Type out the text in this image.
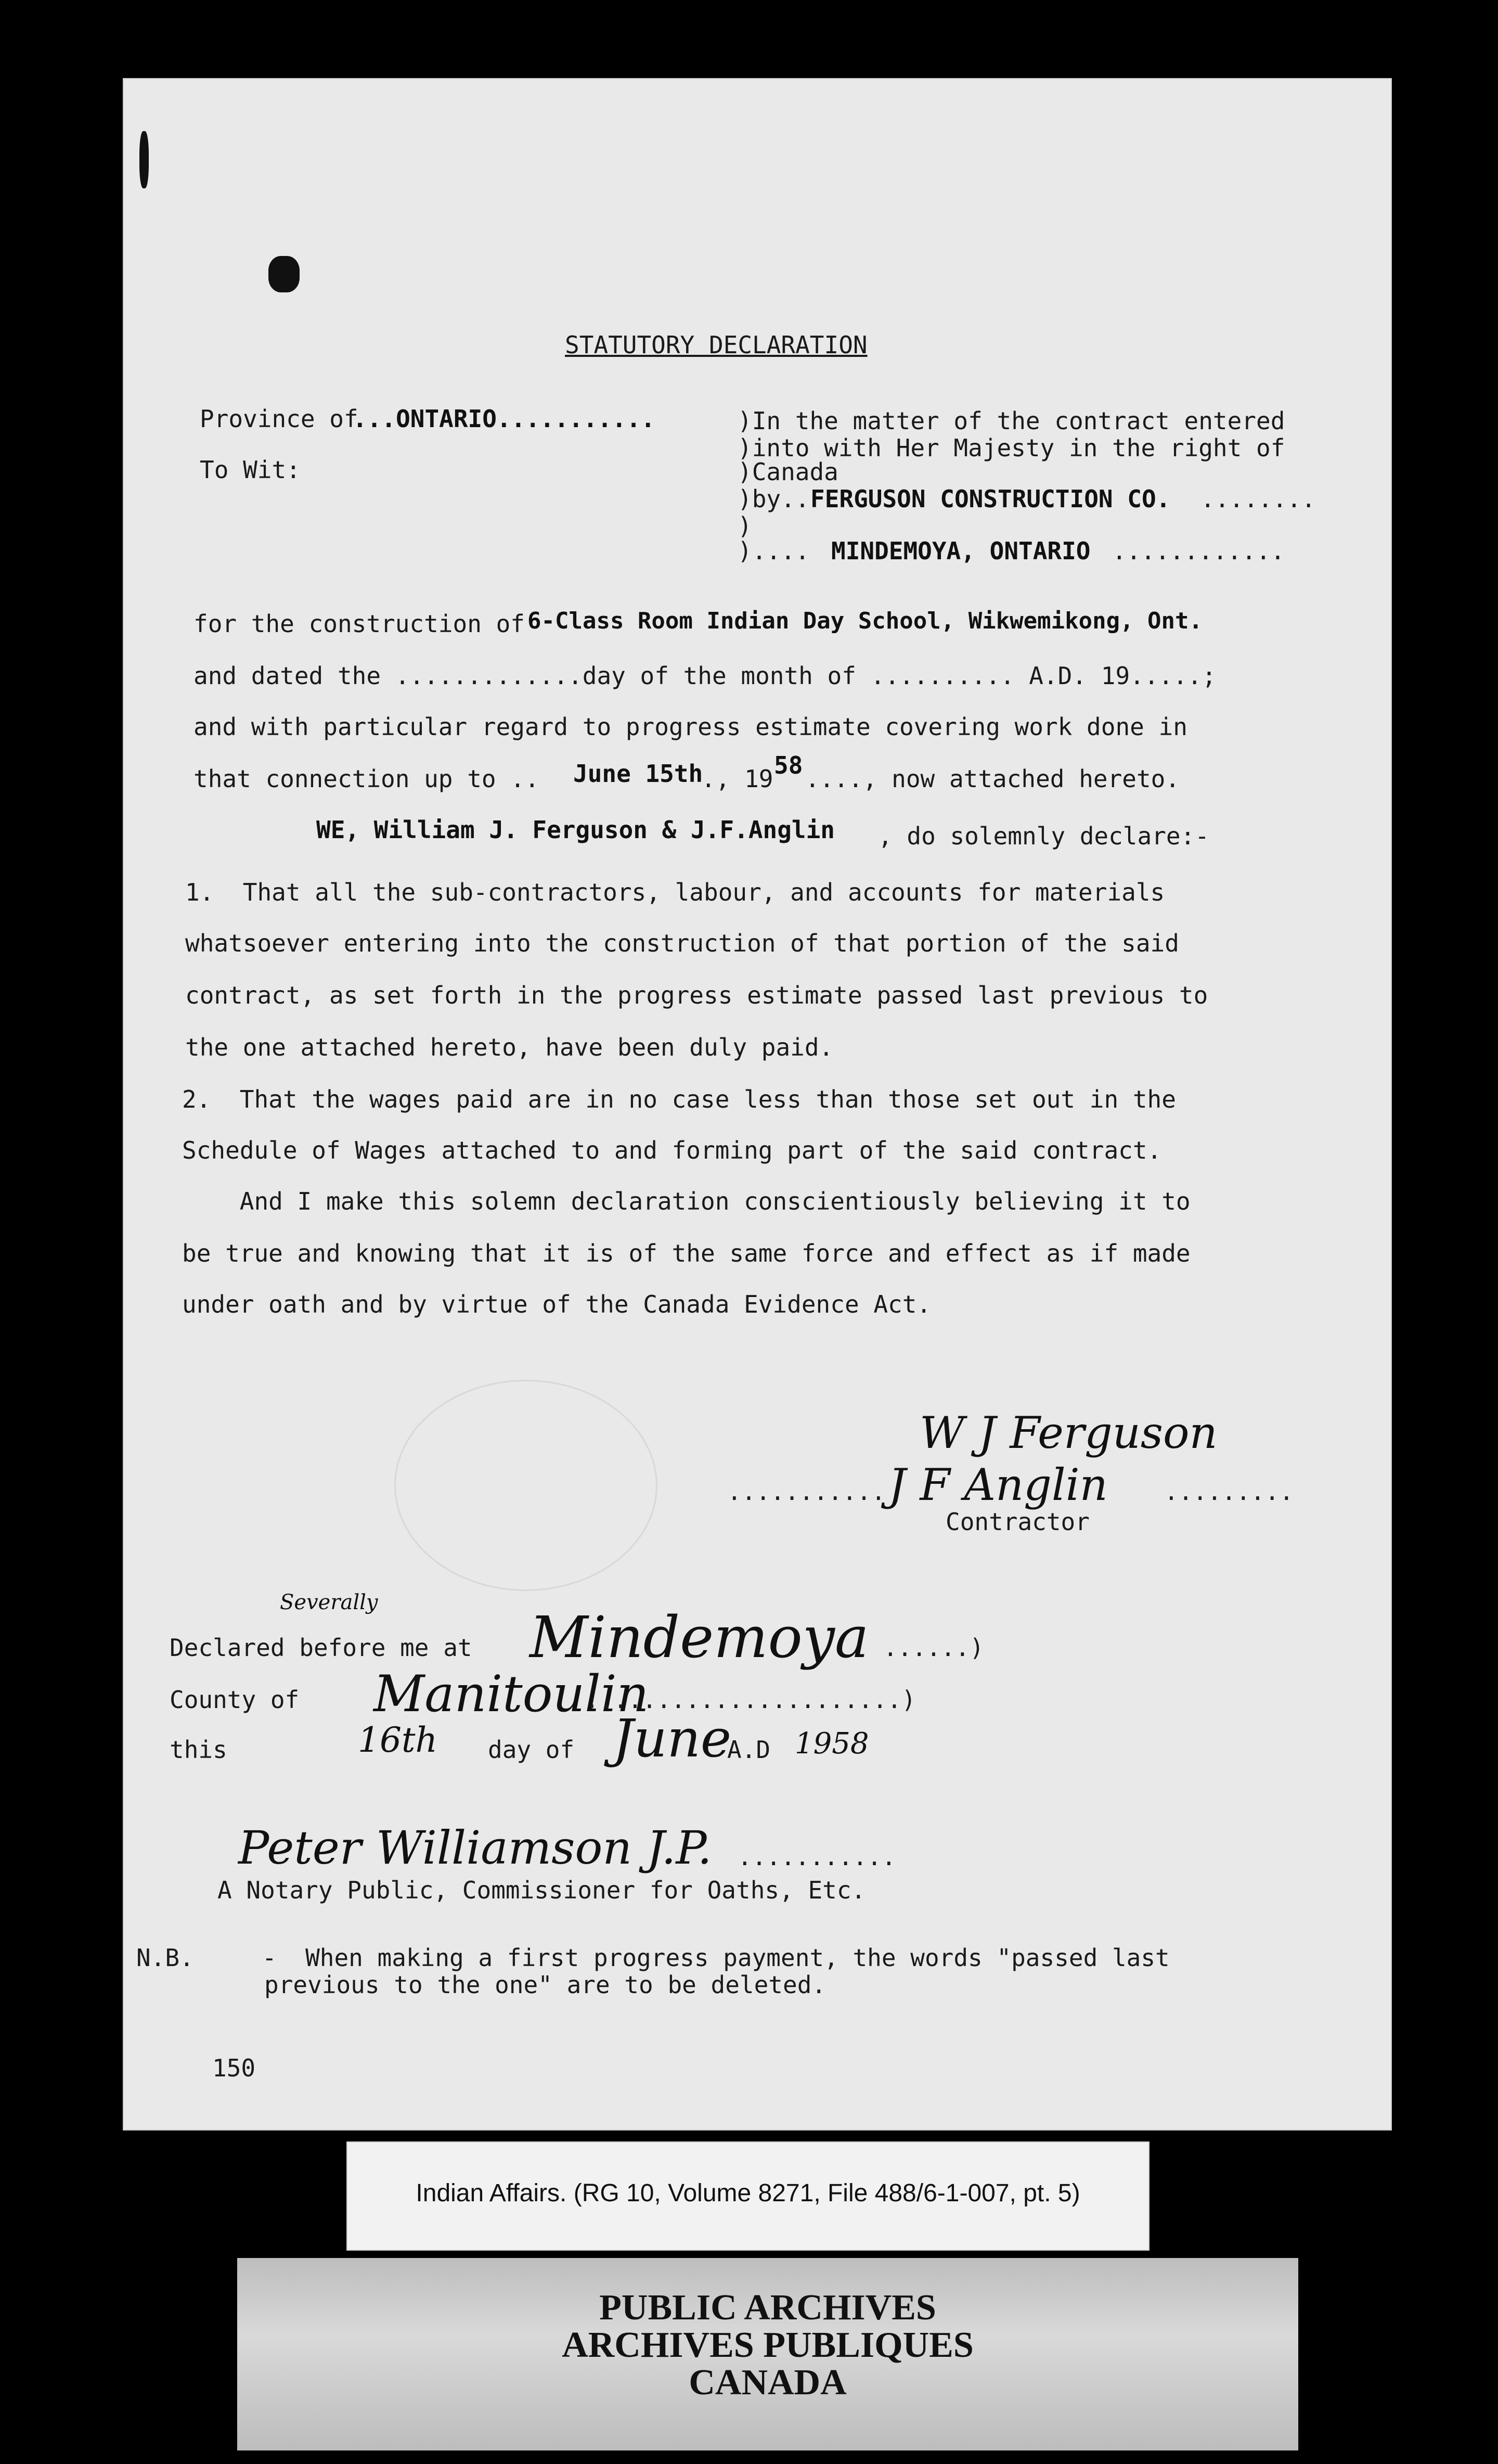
STATUTORY DECLARATION
Province of
...ONTARIO...........
To Wit:
)In the matter of the contract entered
)into with Her Majesty in the right of
)Canada
)by.. FERGUSON CONSTRUCTION CO. ........
)
).... MINDEMOYA, ONTARIO ............
for the construction of 6-Class Room Indian Day School, Wikwemikong, Ont.
and dated the .............day of the month of .......... A.D. 19.....;
and with particular regard to progress estimate covering work done in
that connection up to .. June 15th
., 19 58 ...., now attached hereto.
WE, William J. Ferguson & J.F.Anglin , do solemnly declare:-
1.  That all the sub-contractors, labour, and accounts for materials
whatsoever entering into the construction of that portion of the said
contract, as set forth in the progress estimate passed last previous to
the one attached hereto, have been duly paid.
2.  That the wages paid are in no case less than those set out in the
Schedule of Wages attached to and forming part of the said contract.
And I make this solemn declaration conscientiously believing it to
be true and knowing that it is of the same force and effect as if made
under oath and by virtue of the Canada Evidence Act.
W J Ferguson
........... J F Anglin .........
Contractor
Severally
Declared before me at Mindemoya ......)
County of Manitoulin
......................)
this	16th day of June
A.D 1958
Peter Williamson J.P. ...........
A Notary Public, Commissioner for Oaths, Etc.
N.B.	-  When making a first progress payment, the words "passed last
previous to the one" are to be deleted.
150
Indian Affairs. (RG 10, Volume 8271, File 488/6-1-007, pt. 5)
PUBLIC ARCHIVES
ARCHIVES PUBLIQUES
CANADA
